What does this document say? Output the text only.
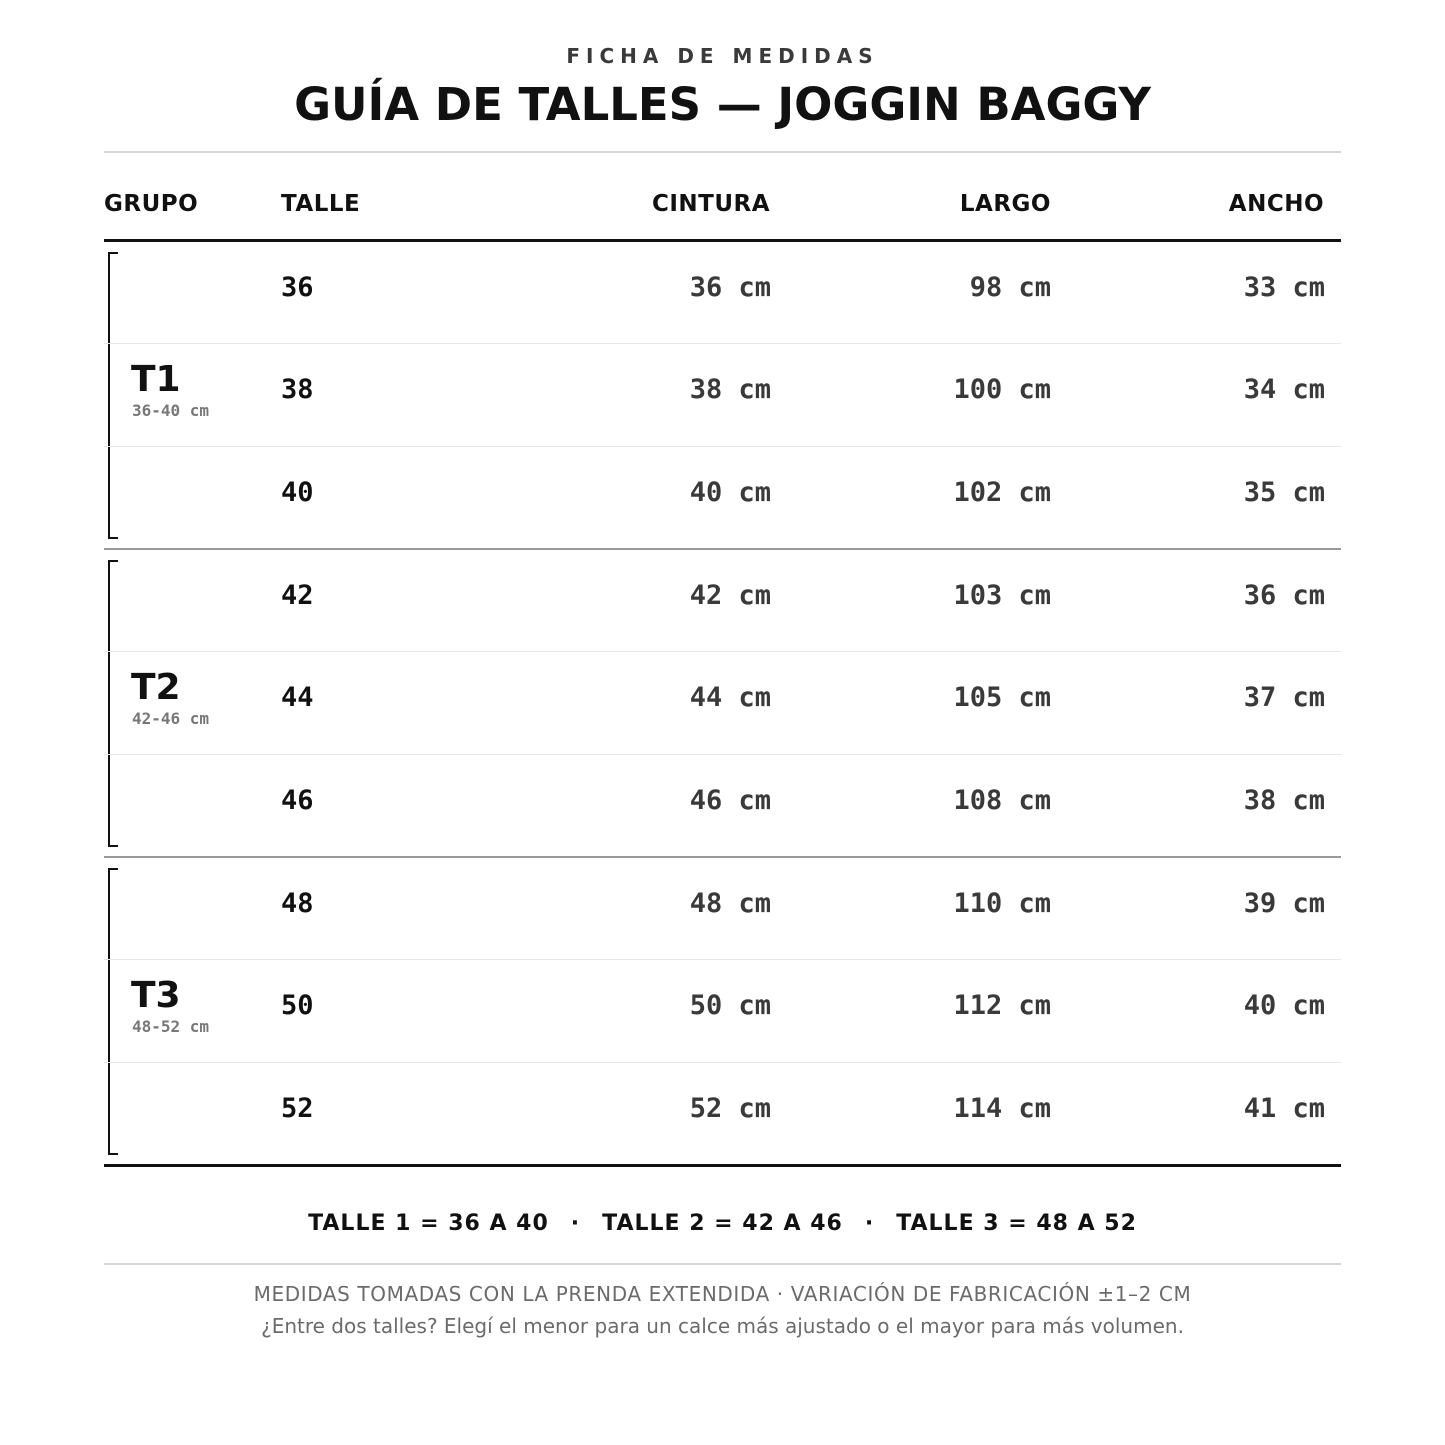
FICHA DE MEDIDAS
GUÍA DE TALLES — JOGGIN BAGGY
GRUPO	TALLE	CINTURA	LARGO	ANCHO
T1
36-40 cm
36	36 cm	98 cm	33 cm
38	38 cm	100 cm	34 cm
40	40 cm	102 cm	35 cm
T2
42-46 cm
42	42 cm	103 cm	36 cm
44	44 cm	105 cm	37 cm
46	46 cm	108 cm	38 cm
T3
48-52 cm
48	48 cm	110 cm	39 cm
50	50 cm	112 cm	40 cm
52	52 cm	114 cm	41 cm
TALLE 1 = 36 A 40 · TALLE 2 = 42 A 46 · TALLE 3 = 48 A 52
MEDIDAS TOMADAS CON LA PRENDA EXTENDIDA · VARIACIÓN DE FABRICACIÓN ±1–2 CM
¿Entre dos talles? Elegí el menor para un calce más ajustado o el mayor para más volumen.
